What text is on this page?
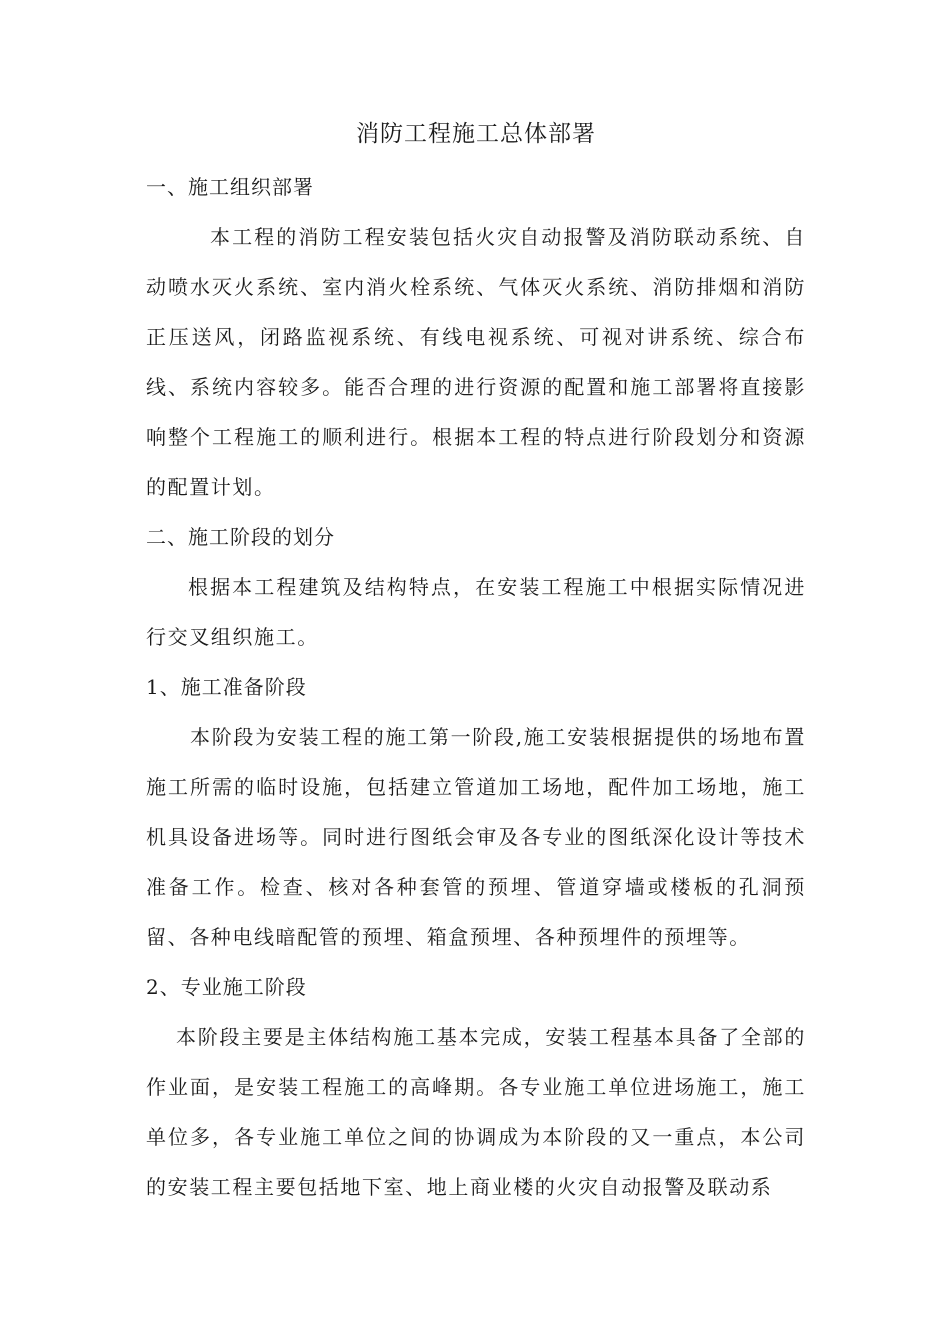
消防工程施工总体部署
一、施工组织部署

本工程的消防工程安装包括火灾自动报警及消防联动系统、自动喷水灭火系统、室内消火栓系统、气体灭火系统、消防排烟和消防正压送风，闭路监视系统、有线电视系统、可视对讲系统、综合布线、系统内容较多。能否合理的进行资源的配置和施工部署将直接影响整个工程施工的顺利进行。根据本工程的特点进行阶段划分和资源的配置计划。

二、施工阶段的划分

根据本工程建筑及结构特点，在安装工程施工中根据实际情况进行交叉组织施工。

1、施工准备阶段

本阶段为安装工程的施工第一阶段,施工安装根据提供的场地布置施工所需的临时设施，包括建立管道加工场地，配件加工场地，施工机具设备进场等。同时进行图纸会审及各专业的图纸深化设计等技术准备工作。检查、核对各种套管的预埋、管道穿墙或楼板的孔洞预留、各种电线暗配管的预埋、箱盒预埋、各种预埋件的预埋等。

2、专业施工阶段

本阶段主要是主体结构施工基本完成，安装工程基本具备了全部的作业面，是安装工程施工的高峰期。各专业施工单位进场施工，施工单位多，各专业施工单位之间的协调成为本阶段的又一重点，本公司的安装工程主要包括地下室、地上商业楼的火灾自动报警及联动系
